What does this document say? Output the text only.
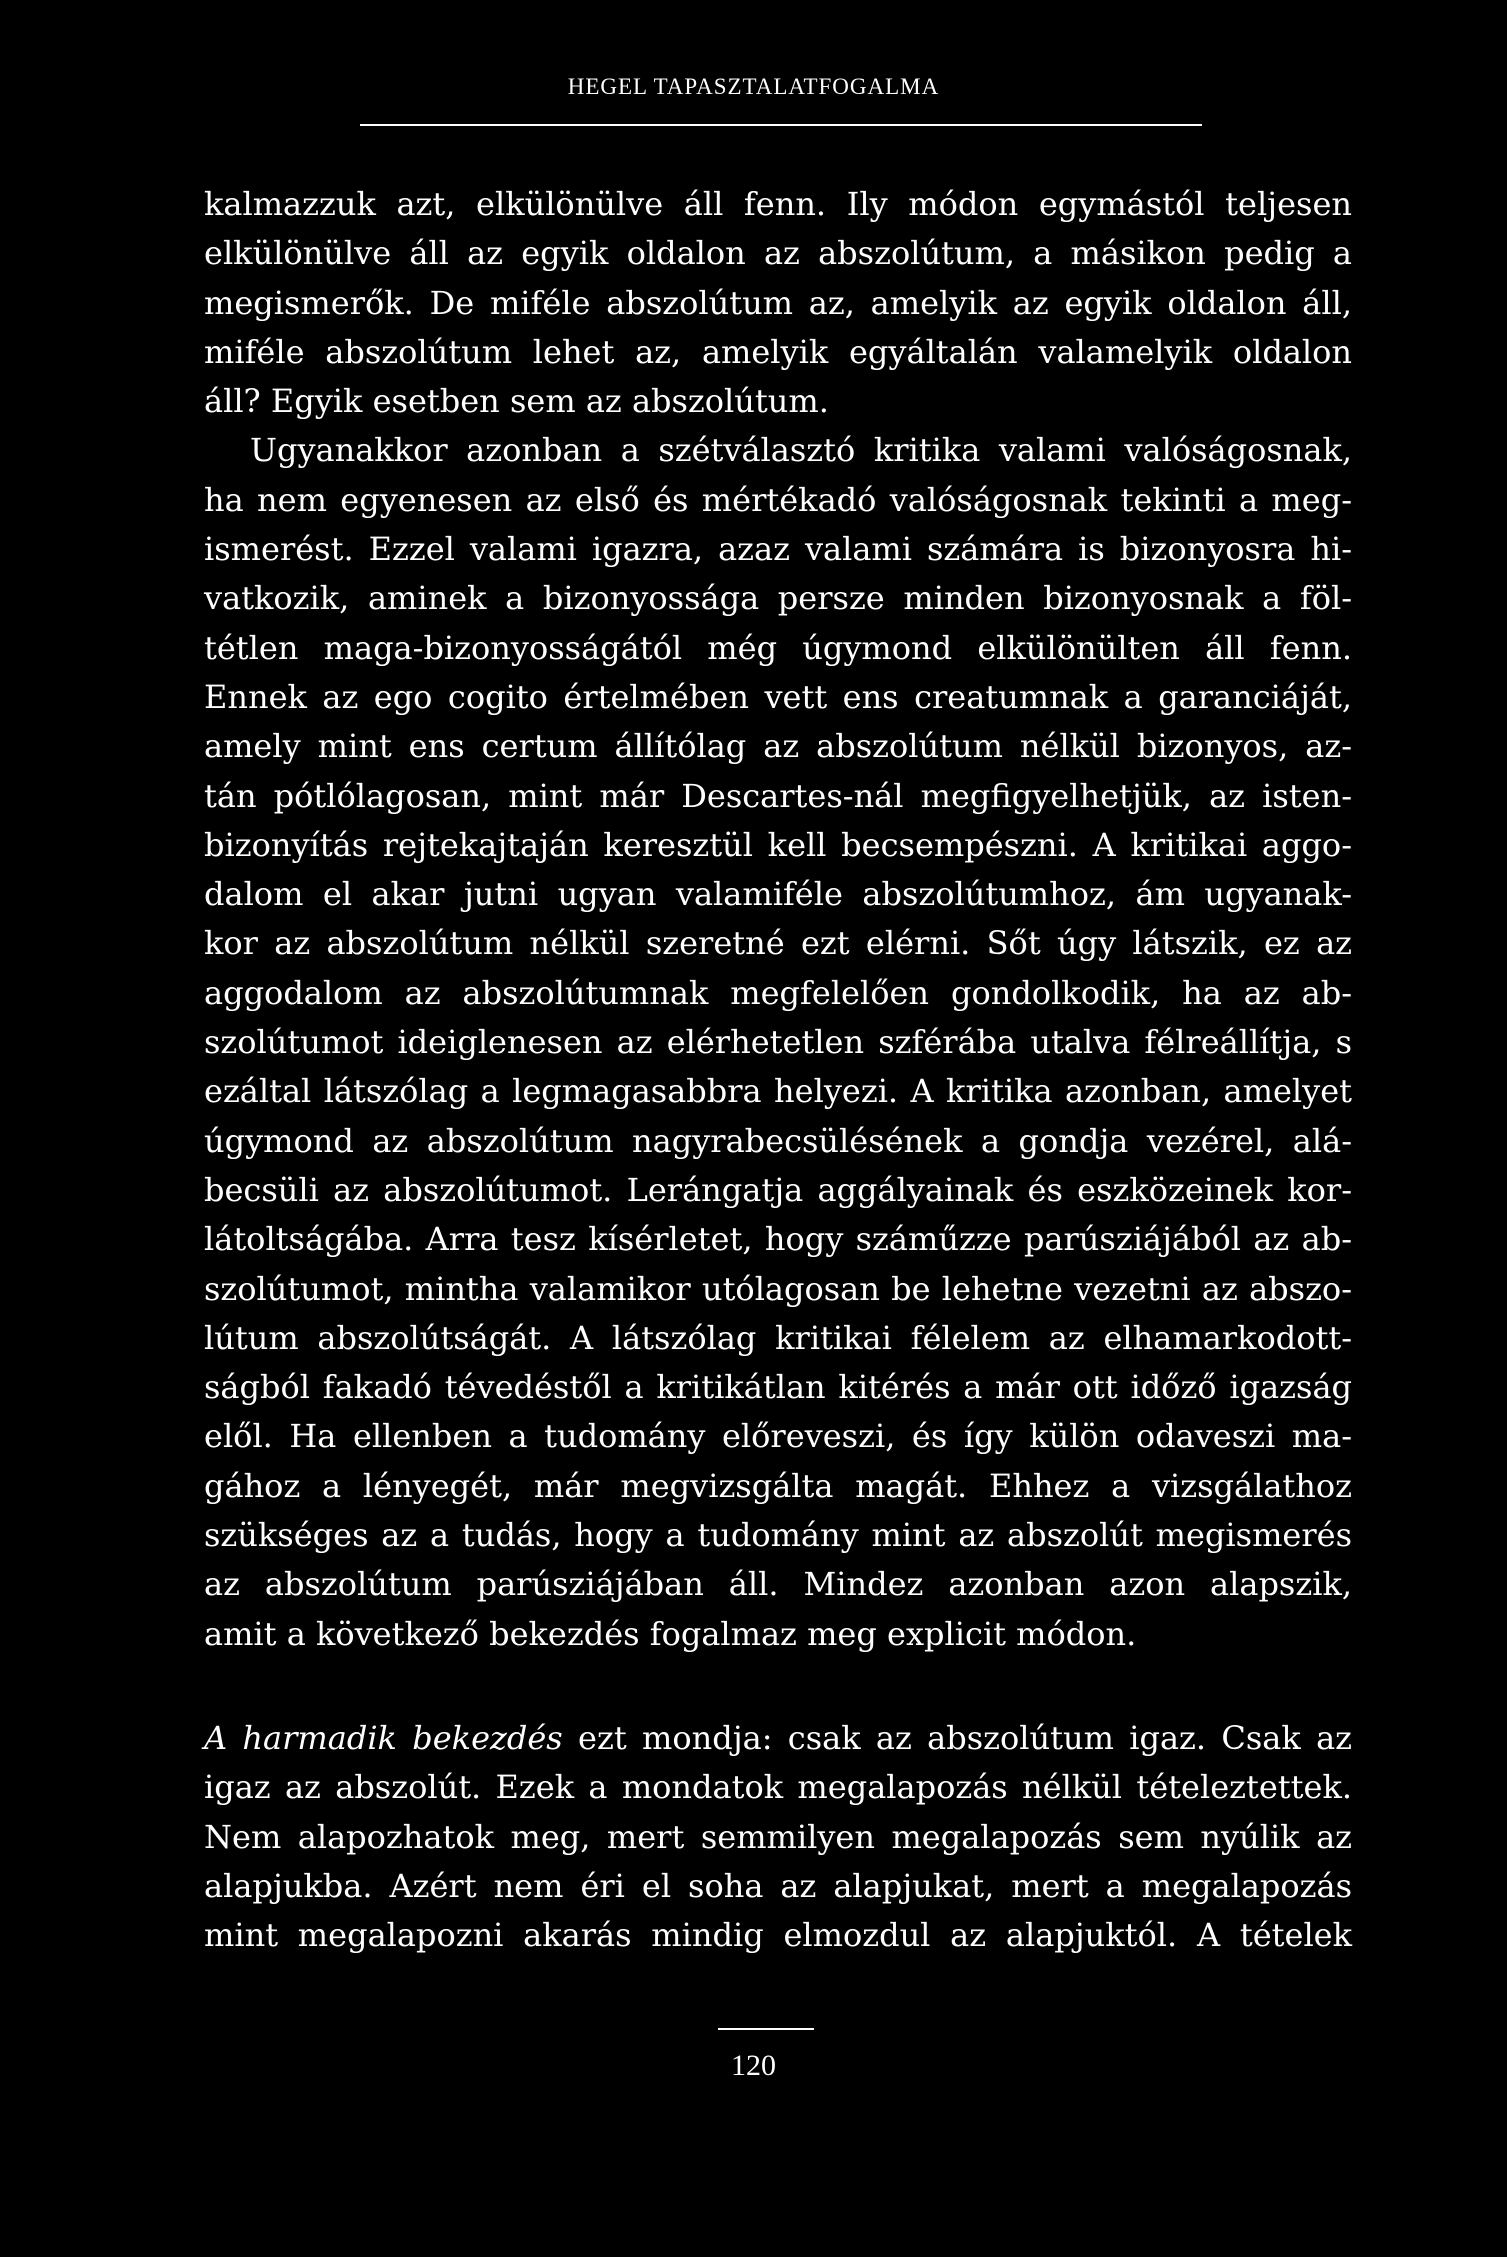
HEGEL TAPASZTALATFOGALMA
kalmazzuk azt, elkülönülve áll fenn. Ily módon egymástól teljesen
elkülönülve áll az egyik oldalon az abszolútum, a másikon pedig a
megismerők. De miféle abszolútum az, amelyik az egyik oldalon áll,
miféle abszolútum lehet az, amelyik egyáltalán valamelyik oldalon
áll? Egyik esetben sem az abszolútum.
Ugyanakkor azonban a szétválasztó kritika valami valóságosnak,
ha nem egyenesen az első és mértékadó valóságosnak tekinti a meg-
ismerést. Ezzel valami igazra, azaz valami számára is bizonyosra hi-
vatkozik, aminek a bizonyossága persze minden bizonyosnak a föl-
tétlen maga-bizonyosságától még úgymond elkülönülten áll fenn.
Ennek az ego cogito értelmében vett ens creatumnak a garanciáját,
amely mint ens certum állítólag az abszolútum nélkül bizonyos, az-
tán pótlólagosan, mint már Descartes-nál megfigyelhetjük, az isten-
bizonyítás rejtekajtaján keresztül kell becsempészni. A kritikai aggo-
dalom el akar jutni ugyan valamiféle abszolútumhoz, ám ugyanak-
kor az abszolútum nélkül szeretné ezt elérni. Sőt úgy látszik, ez az
aggodalom az abszolútumnak megfelelően gondolkodik, ha az ab-
szolútumot ideiglenesen az elérhetetlen szférába utalva félreállítja, s
ezáltal látszólag a legmagasabbra helyezi. A kritika azonban, amelyet
úgymond az abszolútum nagyrabecsülésének a gondja vezérel, alá-
becsüli az abszolútumot. Lerángatja aggályainak és eszközeinek kor-
látoltságába. Arra tesz kísérletet, hogy száműzze parúsziájából az ab-
szolútumot, mintha valamikor utólagosan be lehetne vezetni az abszo-
lútum abszolútságát. A látszólag kritikai félelem az elhamarkodott-
ságból fakadó tévedéstől a kritikátlan kitérés a már ott időző igazság
elől. Ha ellenben a tudomány előreveszi, és így külön odaveszi ma-
gához a lényegét, már megvizsgálta magát. Ehhez a vizsgálathoz
szükséges az a tudás, hogy a tudomány mint az abszolút megismerés
az abszolútum parúsziájában áll. Mindez azonban azon alapszik,
amit a következő bekezdés fogalmaz meg explicit módon.
A harmadik bekezdés ezt mondja: csak az abszolútum igaz. Csak az
igaz az abszolút. Ezek a mondatok megalapozás nélkül tételeztettek.
Nem alapozhatok meg, mert semmilyen megalapozás sem nyúlik az
alapjukba. Azért nem éri el soha az alapjukat, mert a megalapozás
mint megalapozni akarás mindig elmozdul az alapjuktól. A tételek
120
